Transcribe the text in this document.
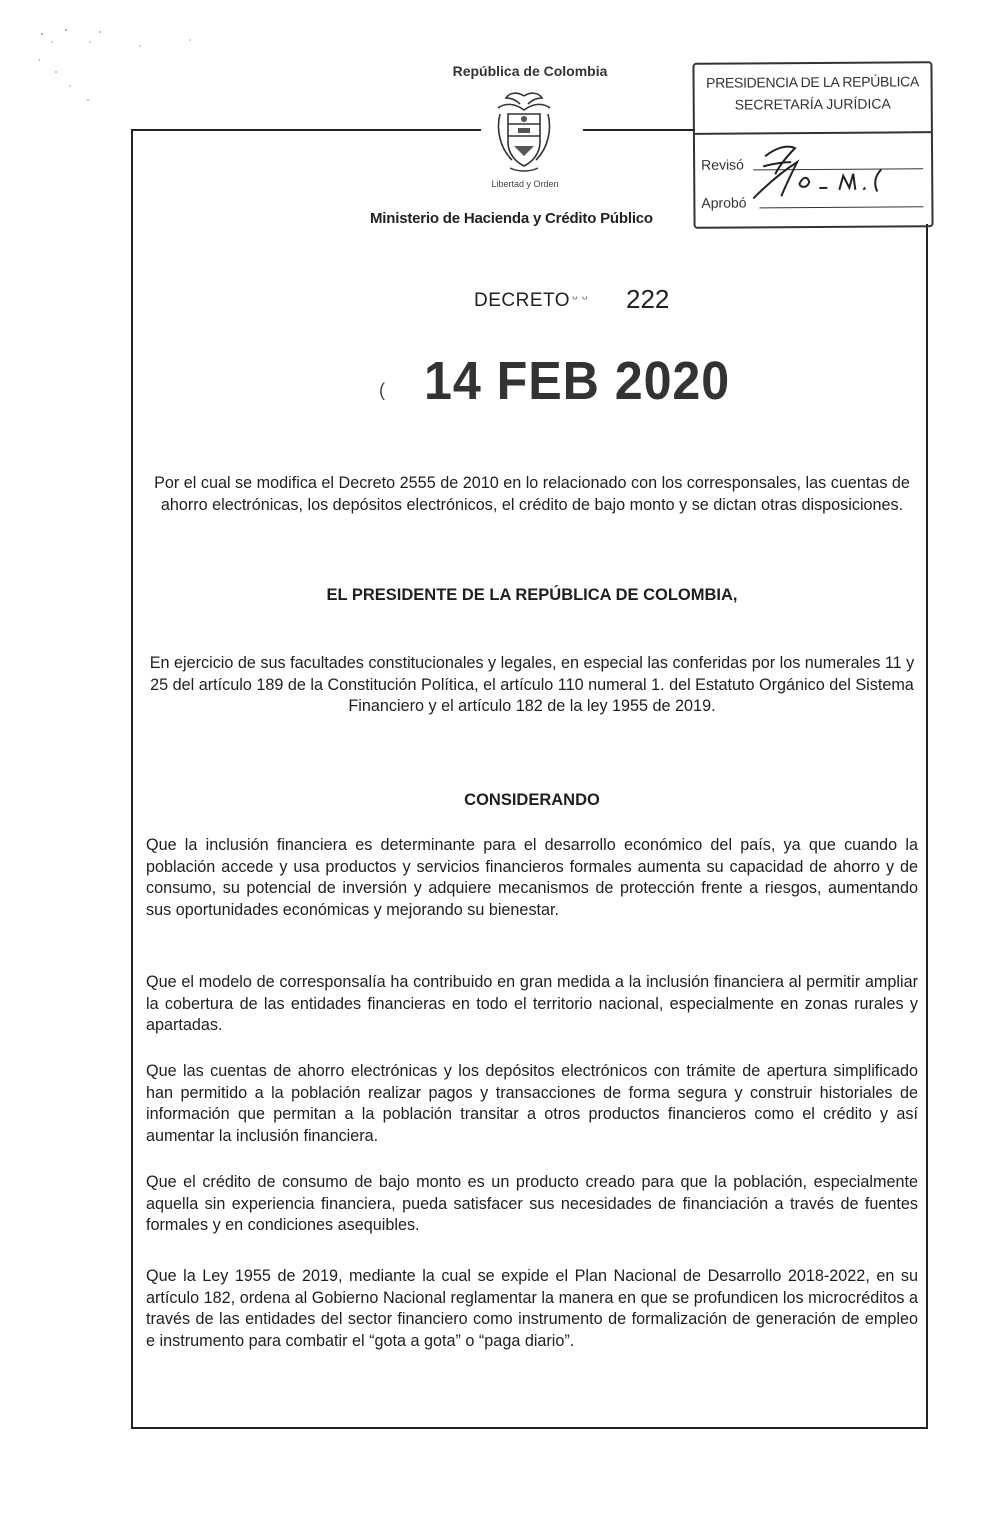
República de Colombia
Libertad y Orden
Ministerio de Hacienda y Crédito Público
PRESIDENCIA DE LA REPÚBLICA
SECRETARÍA JURÍDICA
Revisó
Aprobó
DECRETO ᵕ ᵕ 222
( 14 FEB 2020
Por el cual se modifica el Decreto 2555 de 2010 en lo relacionado con los corresponsales, las cuentas de ahorro electrónicas, los depósitos electrónicos, el crédito de bajo monto y se dictan otras disposiciones.
EL PRESIDENTE DE LA REPÚBLICA DE COLOMBIA,
En ejercicio de sus facultades constitucionales y legales, en especial las conferidas por los numerales 11 y 25 del artículo 189 de la Constitución Política, el artículo 110 numeral 1. del Estatuto Orgánico del Sistema Financiero y el artículo 182 de la ley 1955 de 2019.
CONSIDERANDO
Que la inclusión financiera es determinante para el desarrollo económico del país, ya que cuando la población accede y usa productos y servicios financieros formales aumenta su capacidad de ahorro y de consumo, su potencial de inversión y adquiere mecanismos de protección frente a riesgos, aumentando sus oportunidades económicas y mejorando su bienestar.
Que el modelo de corresponsalía ha contribuido en gran medida a la inclusión financiera al permitir ampliar la cobertura de las entidades financieras en todo el territorio nacional, especialmente en zonas rurales y apartadas.
Que las cuentas de ahorro electrónicas y los depósitos electrónicos con trámite de apertura simplificado han permitido a la población realizar pagos y transacciones de forma segura y construir historiales de información que permitan a la población transitar a otros productos financieros como el crédito y así aumentar la inclusión financiera.
Que el crédito de consumo de bajo monto es un producto creado para que la población, especialmente aquella sin experiencia financiera, pueda satisfacer sus necesidades de financiación a través de fuentes formales y en condiciones asequibles.
Que la Ley 1955 de 2019, mediante la cual se expide el Plan Nacional de Desarrollo 2018-2022, en su artículo 182, ordena al Gobierno Nacional reglamentar la manera en que se profundicen los microcréditos a través de las entidades del sector financiero como instrumento de formalización de generación de empleo e instrumento para combatir el “gota a gota” o “paga diario”.
